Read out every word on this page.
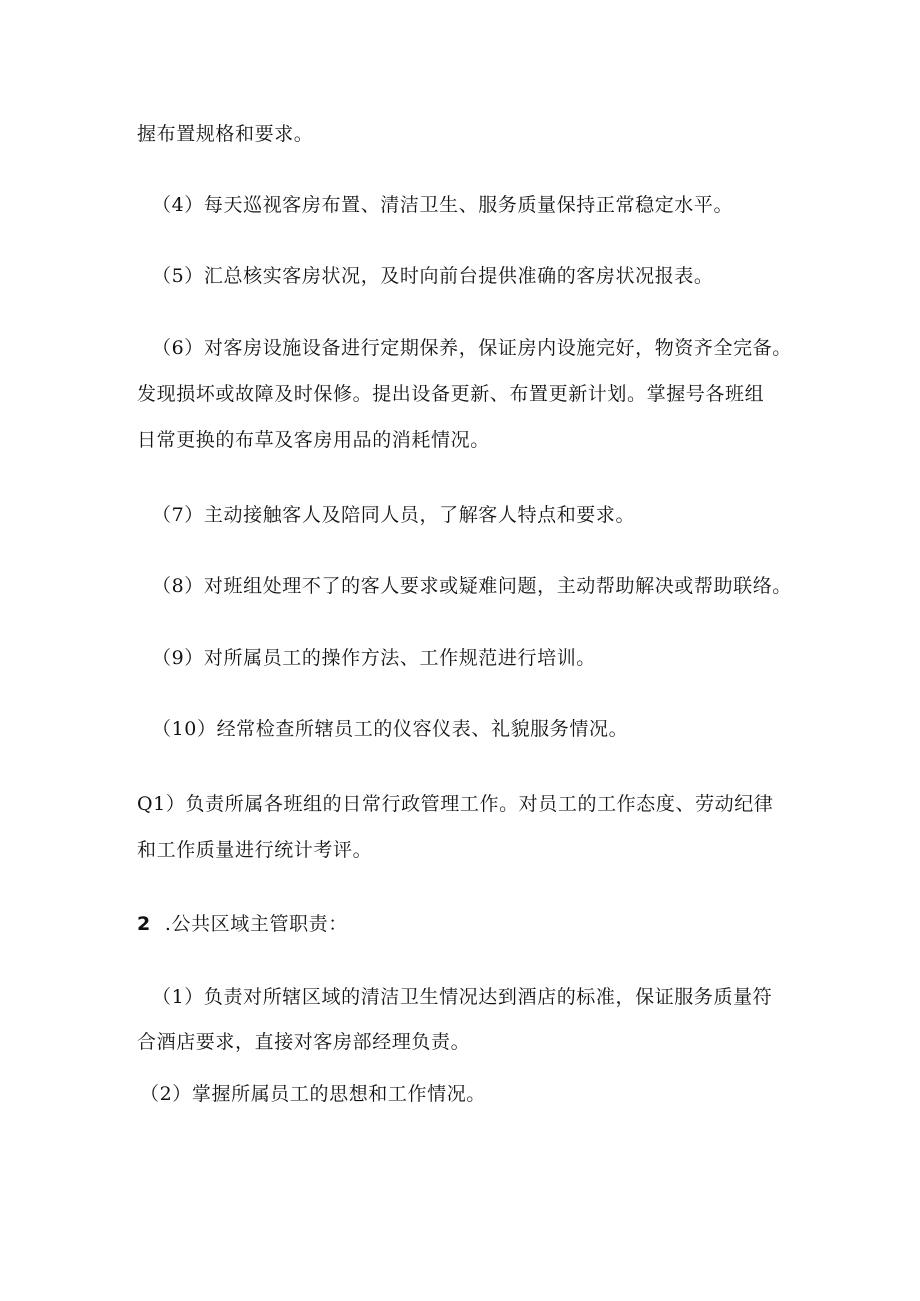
握布置规格和要求。
（4）每天巡视客房布置、清洁卫生、服务质量保持正常稳定水平。
（5）汇总核实客房状况，及时向前台提供准确的客房状况报表。
（6）对客房设施设备进行定期保养，保证房内设施完好，物资齐全完备。
发现损坏或故障及时保修。提出设备更新、布置更新计划。掌握号各班组
日常更换的布草及客房用品的消耗情况。
（7）主动接触客人及陪同人员，了解客人特点和要求。
（8）对班组处理不了的客人要求或疑难问题，主动帮助解决或帮助联络。
（9）对所属员工的操作方法、工作规范进行培训。
（10）经常检查所辖员工的仪容仪表、礼貌服务情况。
Q1）负责所属各班组的日常行政管理工作。对员工的工作态度、劳动纪律
和工作质量进行统计考评。
2 .公共区域主管职责：
（1）负责对所辖区域的清洁卫生情况达到酒店的标准，保证服务质量符
合酒店要求，直接对客房部经理负责。
（2）掌握所属员工的思想和工作情况。
